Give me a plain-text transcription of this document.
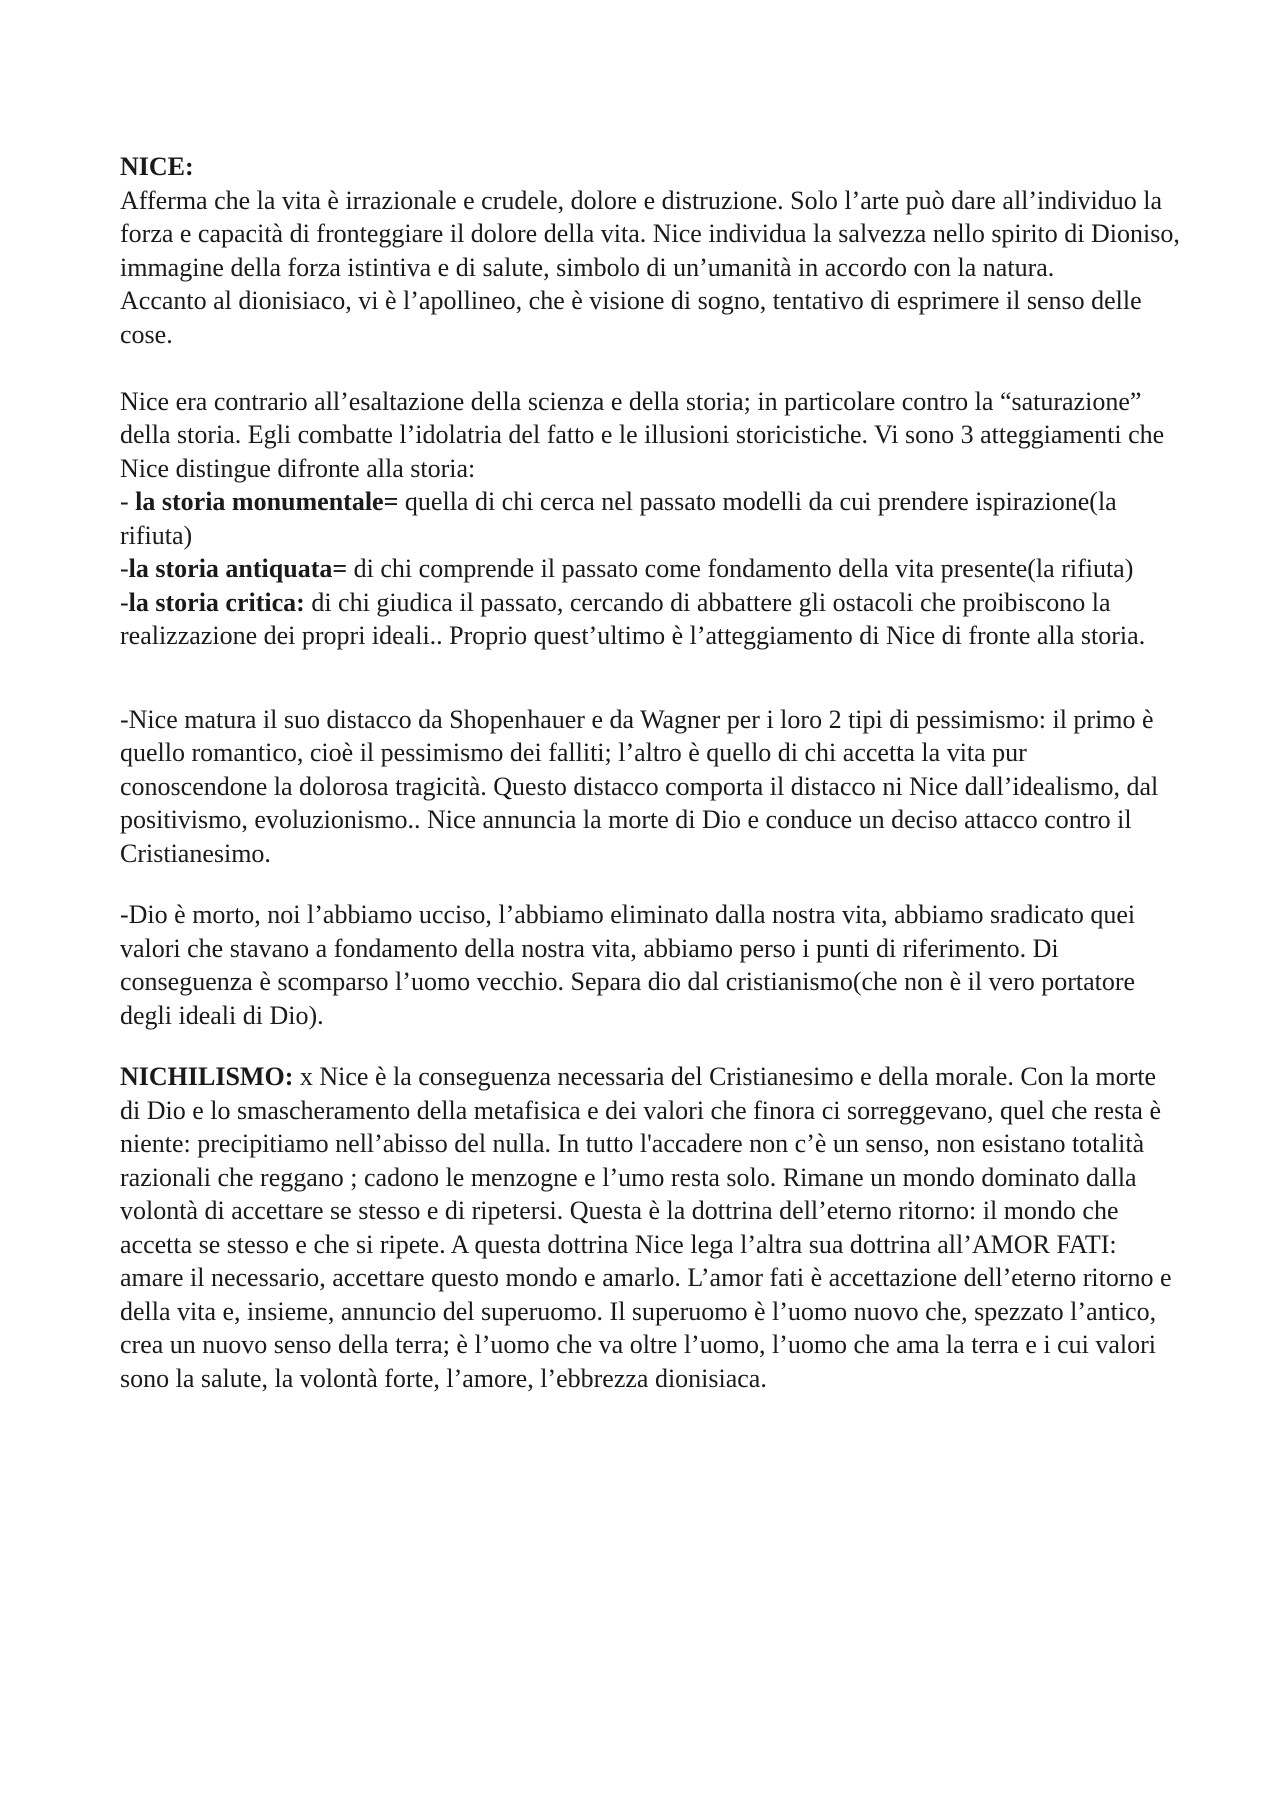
NICE:

Afferma che la vita è irrazionale e crudele, dolore e distruzione. Solo l’arte può dare all’individuo la forza e capacità di fronteggiare il dolore della vita. Nice individua la salvezza nello spirito di Dioniso, immagine della forza istintiva e di salute, simbolo di un’umanità in accordo con la natura.

Accanto al dionisiaco, vi è l’apollineo, che è visione di sogno, tentativo di esprimere il senso delle cose.

Nice era contrario all’esaltazione della scienza e della storia; in particolare contro la “saturazione” della storia. Egli combatte l’idolatria del fatto e le illusioni storicistiche. Vi sono 3 atteggiamenti che Nice distingue difronte alla storia:

- la storia monumentale= quella di chi cerca nel passato modelli da cui prendere ispirazione(la rifiuta)

-la storia antiquata= di chi comprende il passato come fondamento della vita presente(la rifiuta)

-la storia critica: di chi giudica il passato, cercando di abbattere gli ostacoli che proibiscono la realizzazione dei propri ideali.. Proprio quest’ultimo è l’atteggiamento di Nice di fronte alla storia.

-Nice matura il suo distacco da Shopenhauer e da Wagner per i loro 2 tipi di pessimismo: il primo è quello romantico, cioè il pessimismo dei falliti; l’altro è quello di chi accetta la vita pur conoscendone la dolorosa tragicità. Questo distacco comporta il distacco ni Nice dall’idealismo, dal positivismo, evoluzionismo.. Nice annuncia la morte di Dio e conduce un deciso attacco contro il Cristianesimo.

-Dio è morto, noi l’abbiamo ucciso, l’abbiamo eliminato dalla nostra vita, abbiamo sradicato quei valori che stavano a fondamento della nostra vita, abbiamo perso i punti di riferimento. Di conseguenza è scomparso l’uomo vecchio. Separa dio dal cristianismo(che non è il vero portatore degli ideali di Dio).

NICHILISMO: x Nice è la conseguenza necessaria del Cristianesimo e della morale. Con la morte di Dio e lo smascheramento della metafisica e dei valori che finora ci sorreggevano, quel che resta è niente: precipitiamo nell’abisso del nulla. In tutto l'accadere non c’è un senso, non esistano totalità razionali che reggano ; cadono le menzogne e l’umo resta solo. Rimane un mondo dominato dalla volontà di accettare se stesso e di ripetersi. Questa è la dottrina dell’eterno ritorno: il mondo che accetta se stesso e che si ripete. A questa dottrina Nice lega l’altra sua dottrina all’AMOR FATI: amare il necessario, accettare questo mondo e amarlo. L’amor fati è accettazione dell’eterno ritorno e della vita e, insieme, annuncio del superuomo. Il superuomo è l’uomo nuovo che, spezzato l’antico, crea un nuovo senso della terra; è l’uomo che va oltre l’uomo, l’uomo che ama la terra e i cui valori sono la salute, la volontà forte, l’amore, l’ebbrezza dionisiaca.
